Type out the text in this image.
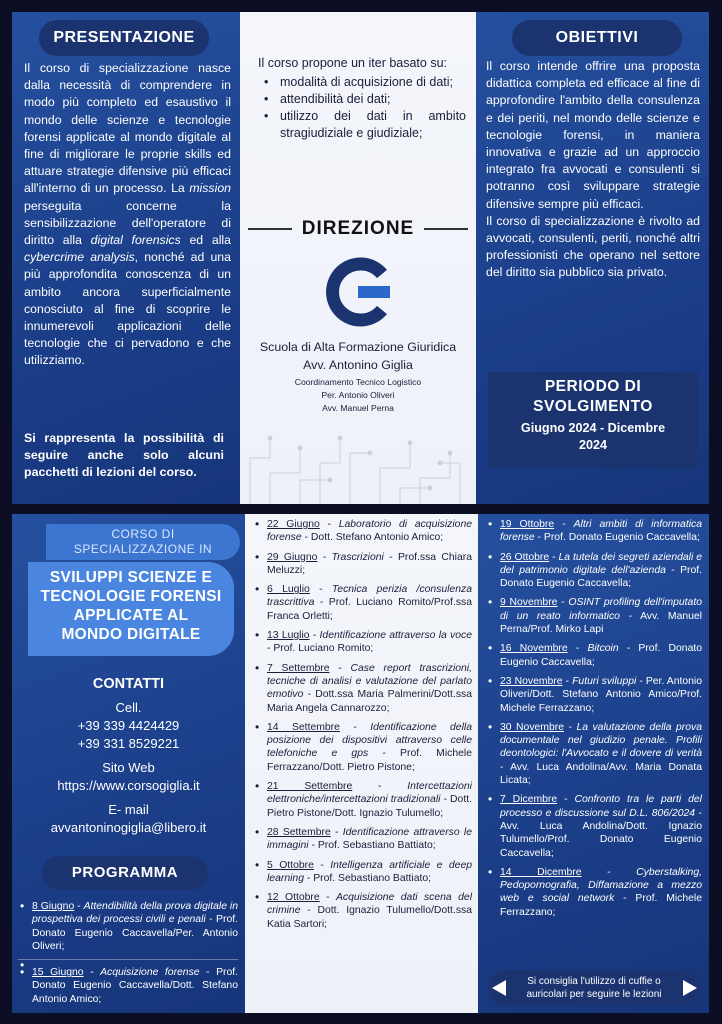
PRESENTAZIONE
Il corso di specializzazione nasce dalla necessità di comprendere in modo più completo ed esaustivo il mondo delle scienze e tecnologie forensi applicate al mondo digitale al fine di migliorare le proprie skills ed attuare strategie difensive più efficaci all'interno di un processo. La mission perseguita concerne la sensibilizzazione dell'operatore di diritto alla digital forensics ed alla cybercrime analysis, nonché ad una più approfondita conoscenza di un ambito ancora superficialmente conosciuto al fine di scoprire le innumerevoli applicazioni delle tecnologie che ci pervadono e che utilizziamo.
Si rappresenta la possibilità di seguire anche solo alcuni pacchetti di lezioni del corso.
Il corso propone un iter basato su:
• modalità di acquisizione di dati;
• attendibilità dei dati;
• utilizzo dei dati in ambito stragiudiziale e giudiziale;
DIREZIONE
Scuola di Alta Formazione Giuridica
Avv. Antonino Giglia
Coordinamento Tecnico Logistico
Per. Antonio Oliveri
Avv. Manuel Perna
OBIETTIVI

Il corso intende offrire una proposta didattica completa ed efficace al fine di approfondire l'ambito della consulenza e dei periti, nel mondo delle scienze e tecnologie forensi, in maniera innovativa e grazie ad un approccio integrato fra avvocati e consulenti si potranno così sviluppare strategie difensive sempre più efficaci.

Il corso di specializzazione è rivolto ad avvocati, consulenti, periti, nonché altri professionisti che operano nel settore del diritto sia pubblico sia privato.

PERIODO DI
SVOLGIMENTO
Giugno 2024 - Dicembre
2024
CORSO DI
SPECIALIZZAZIONE IN
SVILUPPI SCIENZE E
TECNOLOGIE FORENSI
APPLICATE AL
MONDO DIGITALE
CONTATTI
Cell.
+39 339 4424429
+39 331 8529221
Sito Web
https://www.corsogiglia.it
E- mail
avvantoninogiglia@libero.it
PROGRAMMA
• 8 Giugno - Attendibilità della prova digitale in prospettiva dei processi civili e penali - Prof. Donato Eugenio Caccavella/Per. Antonio Oliveri;
•
• 15 Giugno - Acquisizione forense - Prof. Donato Eugenio Caccavella/Dott. Stefano Antonio Amico;
• 22 Giugno - Laboratorio di acquisizione forense - Dott. Stefano Antonio Amico;
• 29 Giugno - Trascrizioni - Prof.ssa Chiara Meluzzi;
• 6 Luglio - Tecnica perizia /consulenza trascrittiva - Prof. Luciano Romito/Prof.ssa Franca Orletti;
• 13 Luglio - Identificazione attraverso la voce - Prof. Luciano Romito;
• 7 Settembre - Case report trascrizioni, tecniche di analisi e valutazione del parlato emotivo - Dott.ssa Maria Palmerini/Dott.ssa Maria Angela Cannarozzo;
• 14 Settembre - Identificazione della posizione dei dispositivi attraverso celle telefoniche e gps - Prof. Michele Ferrazzano/Dott. Pietro Pistone;
• 21 Settembre - Intercettazioni elettroniche/intercettazioni tradizionali - Dott. Pietro Pistone/Dott. Ignazio Tulumello;
• 28 Settembre - Identificazione attraverso le immagini - Prof. Sebastiano Battiato;
• 5 Ottobre - Intelligenza artificiale e deep learning - Prof. Sebastiano Battiato;
• 12 Ottobre - Acquisizione dati scena del crimine - Dott. Ignazio Tulumello/Dott.ssa Katia Sartori;
• 19 Ottobre - Altri ambiti di informatica forense - Prof. Donato Eugenio Caccavella;
• 26 Ottobre - La tutela dei segreti aziendali e del patrimonio digitale dell'azienda - Prof. Donato Eugenio Caccavella;
• 9 Novembre - OSINT profiling dell'imputato di un reato informatico - Avv. Manuel Perna/Prof. Mirko Lapi
• 16 Novembre - Bitcoin - Prof. Donato Eugenio Caccavella;
• 23 Novembre - Futuri sviluppi - Per. Antonio Oliveri/Dott. Stefano Antonio Amico/Prof. Michele Ferrazzano;
• 30 Novembre - La valutazione della prova documentale nel giudizio penale. Profili deontologici: l'Avvocato e il dovere di verità - Avv. Luca Andolina/Avv. Maria Donata Licata;
• 7 Dicembre - Confronto tra le parti del processo e discussione sul D.L. 806/2024 - Avv. Luca Andolina/Dott. Ignazio Tulumello/Prof. Donato Eugenio Caccavella;
• 14 Dicembre - Cyberstalking, Pedopornografia, Diffamazione a mezzo web e social network - Prof. Michele Ferrazzano;
Si consiglia l'utilizzo di cuffie o auricolari per seguire le lezioni
